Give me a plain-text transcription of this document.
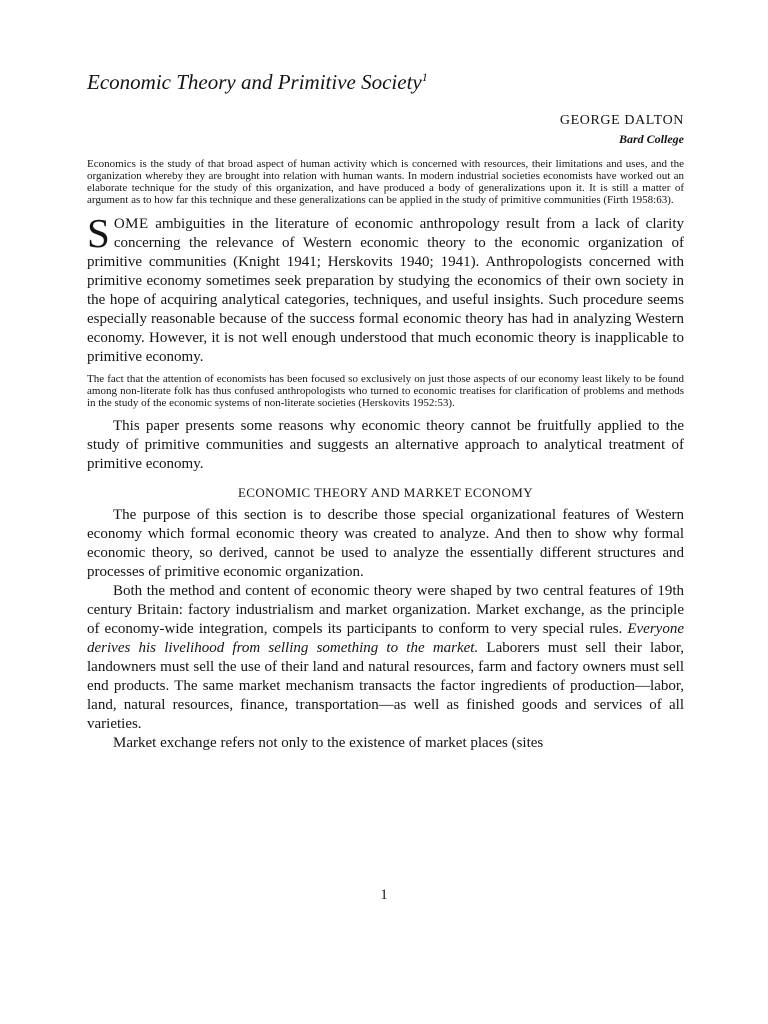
Economic Theory and Primitive Society$^1$
GEORGE DALTON
Bard College
Economics is the study of that broad aspect of human activity which is concerned with resources, their limitations and uses, and the organization whereby they are brought into relation with human wants. In modern industrial societies economists have worked out an elaborate technique for the study of this organization, and have produced a body of generalizations upon it. It is still a matter of argument as to how far this technique and these generalizations can be applied in the study of primitive communities (Firth 1958:63).

SOME ambiguities in the literature of economic anthropology result from a lack of clarity concerning the relevance of Western economic theory to the economic organization of primitive communities (Knight 1941; Herskovits 1940; 1941). Anthropologists concerned with primitive economy sometimes seek preparation by studying the economics of their own society in the hope of acquiring analytical categories, techniques, and useful insights. Such procedure seems especially reasonable because of the success formal economic theory has had in analyzing Western economy. However, it is not well enough understood that much economic theory is inapplicable to primitive economy.

The fact that the attention of economists has been focused so exclusively on just those aspects of our economy least likely to be found among non-literate folk has thus confused anthropologists who turned to economic treatises for clarification of problems and methods in the study of the economic systems of non-literate societies (Herskovits 1952:53).

This paper presents some reasons why economic theory cannot be fruitfully applied to the study of primitive communities and suggests an alternative approach to analytical treatment of primitive economy.

ECONOMIC THEORY AND MARKET ECONOMY

The purpose of this section is to describe those special organizational features of Western economy which formal economic theory was created to analyze. And then to show why formal economic theory, so derived, cannot be used to analyze the essentially different structures and processes of primitive economic organization.

Both the method and content of economic theory were shaped by two central features of 19th century Britain: factory industrialism and market organization. Market exchange, as the principle of economy-wide integration, compels its participants to conform to very special rules. Everyone derives his livelihood from selling something to the market. Laborers must sell their labor, landowners must sell the use of their land and natural resources, farm and factory owners must sell end products. The same market mechanism transacts the factor ingredients of production—labor, land, natural resources, finance, transportation—as well as finished goods and services of all varieties.

Market exchange refers not only to the existence of market places (sites

1
